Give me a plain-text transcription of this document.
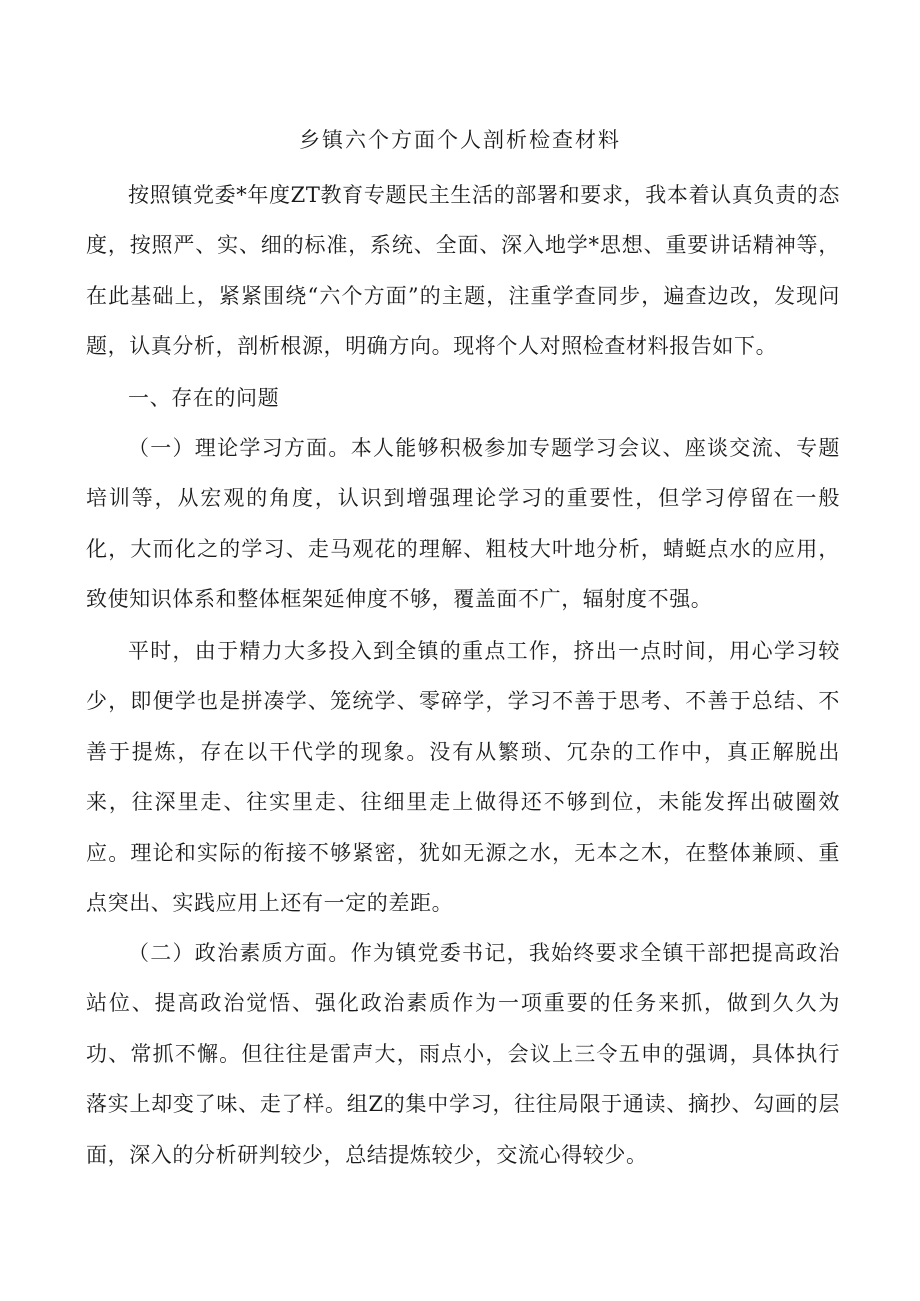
乡镇六个方面个人剖析检查材料

按照镇党委*年度ZT教育专题民主生活的部署和要求，我本着认真负责的态度，按照严、实、细的标准，系统、全面、深入地学*思想、重要讲话精神等，在此基础上，紧紧围绕“六个方面”的主题，注重学查同步，遍查边改，发现问题，认真分析，剖析根源，明确方向。现将个人对照检查材料报告如下。

一、存在的问题

（一）理论学习方面。本人能够积极参加专题学习会议、座谈交流、专题培训等，从宏观的角度，认识到增强理论学习的重要性，但学习停留在一般化，大而化之的学习、走马观花的理解、粗枝大叶地分析，蜻蜓点水的应用，致使知识体系和整体框架延伸度不够，覆盖面不广，辐射度不强。

平时，由于精力大多投入到全镇的重点工作，挤出一点时间，用心学习较少，即便学也是拼凑学、笼统学、零碎学，学习不善于思考、不善于总结、不善于提炼，存在以干代学的现象。没有从繁琐、冗杂的工作中，真正解脱出来，往深里走、往实里走、往细里走上做得还不够到位，未能发挥出破圈效应。理论和实际的衔接不够紧密，犹如无源之水，无本之木，在整体兼顾、重点突出、实践应用上还有一定的差距。

（二）政治素质方面。作为镇党委书记，我始终要求全镇干部把提高政治站位、提高政治觉悟、强化政治素质作为一项重要的任务来抓，做到久久为功、常抓不懈。但往往是雷声大，雨点小，会议上三令五申的强调，具体执行落实上却变了味、走了样。组Z的集中学习，往往局限于通读、摘抄、勾画的层面，深入的分析研判较少，总结提炼较少，交流心得较少。
